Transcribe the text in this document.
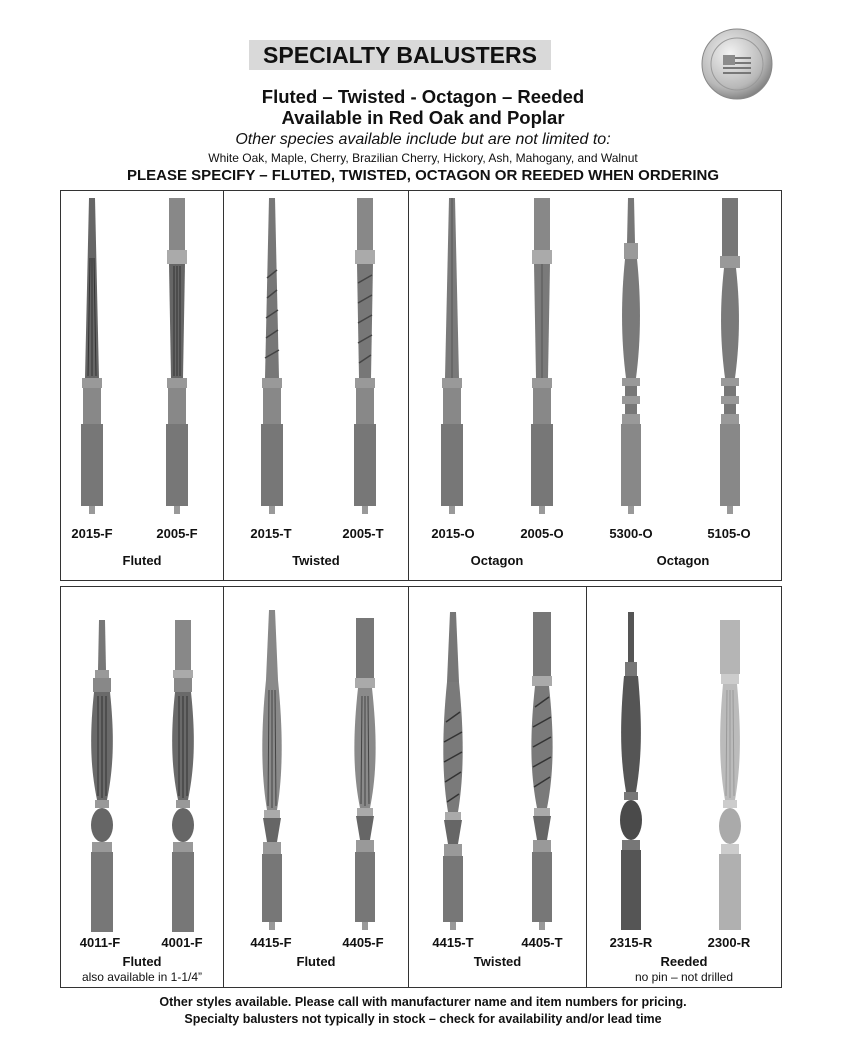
SPECIALTY BALUSTERS
Fluted – Twisted - Octagon – Reeded
Available in Red Oak and Poplar
Other species available include but are not limited to:
White Oak, Maple, Cherry, Brazilian Cherry, Hickory, Ash, Mahogany, and Walnut
PLEASE SPECIFY – FLUTED, TWISTED, OCTAGON OR REEDED WHEN ORDERING
2015-F	2005-F	2015-T	2005-T	2015-O	2005-O	5300-O	5105-O
Fluted	Twisted	Octagon	Octagon
4011-F	4001-F	4415-F	4405-F	4415-T	4405-T	2315-R	2300-R
Fluted
also available in 1-1/4”
Fluted	Twisted	Reeded
no pin – not drilled
Other styles available. Please call with manufacturer name and item numbers for pricing.
Specialty balusters not typically in stock – check for availability and/or lead time
